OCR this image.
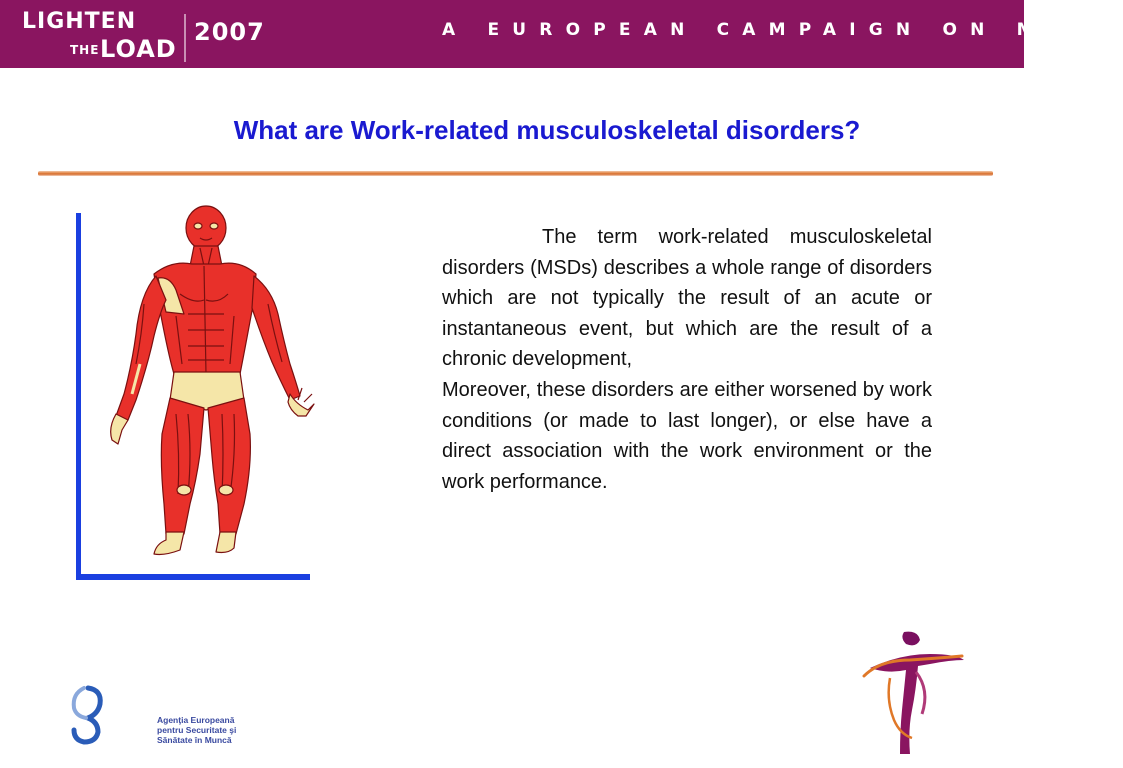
LIGHTEN
THE LOAD
2007	A EUROPEAN CAMPAIGN ON MSDs
What are Work-related musculoskeletal disorders?

The term work-related musculoskeletal disorders (MSDs) describes a whole range of disorders which are not typically the result of an acute or instantaneous event, but which are the result of a chronic development,

Moreover, these disorders are either worsened by work conditions (or made to last longer), or else have a direct association with the work environment or the work performance.

Agenţia Europeană
pentru Securitate şi
Sănătate în Muncă
